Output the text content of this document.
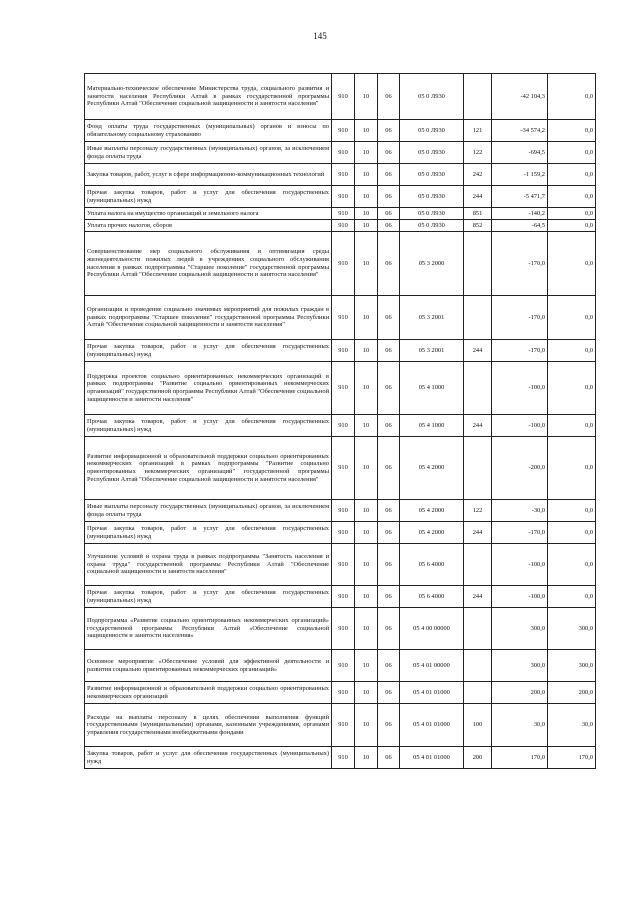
145
Материально-техническое обеспечение Министерства труда, социального развития и занятости населения Республики Алтай в рамках государственной программы Республики Алтай "Обеспечение социальной защищенности и занятости населения"	910	10	06	05 0 Л930		-42 104,3	0,0
Фонд оплаты труда государственных (муниципальных) органов и взносы по обязательному социальному страхованию	910	10	06	05 0 Л930	121	-34 574,2	0,0
Иные выплаты персоналу государственных (муниципальных) органов, за исключением фонда оплаты труда	910	10	06	05 0 Л930	122	-694,5	0,0
Закупка товаров, работ, услуг в сфере информационно-коммуникационных технологий	910	10	06	05 0 Л930	242	-1 159,2	0,0
Прочая закупка товаров, работ и услуг для обеспечения государственных (муниципальных) нужд	910	10	06	05 0 Л930	244	-5 471,7	0,0
Уплата налога на имущество организаций и земельного налога	910	10	06	05 0 Л930	851	-140,2	0,0
Уплата прочих налогов, сборов	910	10	06	05 0 Л930	852	-64,5	0,0
Совершенствование мер социального обслуживания и оптимизация среды жизнедеятельности пожилых людей в учреждениях социального обслуживания населения в рамках подпрограммы "Старшее поколение" государственной программы Республики Алтай "Обеспечение социальной защищенности и занятости населения"	910	10	06	05 3 2000		-170,0	0,0
Организация и проведение социально значимых мероприятий для пожилых граждан в рамках подпрограммы "Старшее поколение" государственной программы Республики Алтай "Обеспечение социальной защищенности и занятости населения"	910	10	06	05 3 2001		-170,0	0,0
Прочая закупка товаров, работ и услуг для обеспечения государственных (муниципальных) нужд	910	10	06	05 3 2001	244	-170,0	0,0
Поддержка проектов социально ориентированных некоммерческих организаций в рамках подпрограммы "Развитие социально ориентированных некоммерческих организаций" государственной программы Республики Алтай "Обеспечение социальной защищенности и занятости населения"	910	10	06	05 4 1000		-100,0	0,0
Прочая закупка товаров, работ и услуг для обеспечения государственных (муниципальных) нужд	910	10	06	05 4 1000	244	-100,0	0,0
Развитие информационной и образовательной поддержки социально ориентированных некоммерческих организаций в рамках подпрограммы "Развитие социально ориентированных некоммерческих организаций" государственной программы Республики Алтай "Обеспечение социальной защищенности и занятости населения"	910	10	06	05 4 2000		-200,0	0,0
Иные выплаты персоналу государственных (муниципальных) органов, за исключением фонда оплаты труда	910	10	06	05 4 2000	122	-30,0	0,0
Прочая закупка товаров, работ и услуг для обеспечения государственных (муниципальных) нужд	910	10	06	05 4 2000	244	-170,0	0,0
Улучшение условий и охрана труда в рамках подпрограммы "Занятость населения и охрана труда" государственной программы Республики Алтай "Обеспечение социальной защищенности и занятости населения"	910	10	06	05 6 4000		-100,0	0,0
Прочая закупка товаров, работ и услуг для обеспечения государственных (муниципальных) нужд	910	10	06	05 6 4000	244	-100,0	0,0
Подпрограмма «Развитие социально ориентированных некоммерческих организаций» государственной программы Республики Алтай «Обеспечение социальной защищенности и занятости населения»	910	10	06	05 4 00 00000		300,0	300,0
Основное мероприятие «Обеспечение условий для эффективной деятельности и развития социально ориентированных некоммерческих организаций»	910	10	06	05 4 01 00000		300,0	300,0
Развитие информационной и образовательной поддержки социально ориентированных некоммерческих организаций	910	10	06	05 4 01 01000		200,0	200,0
Расходы на выплаты персоналу в целях обеспечения выполнения функций государственными (муниципальными) органами, казенными учреждениями, органами управления государственными внебюджетными фондами	910	10	06	05 4 01 01000	100	30,0	30,0
Закупка товаров, работ и услуг для обеспечения государственных (муниципальных) нужд	910	10	06	05 4 01 01000	200	170,0	170,0
